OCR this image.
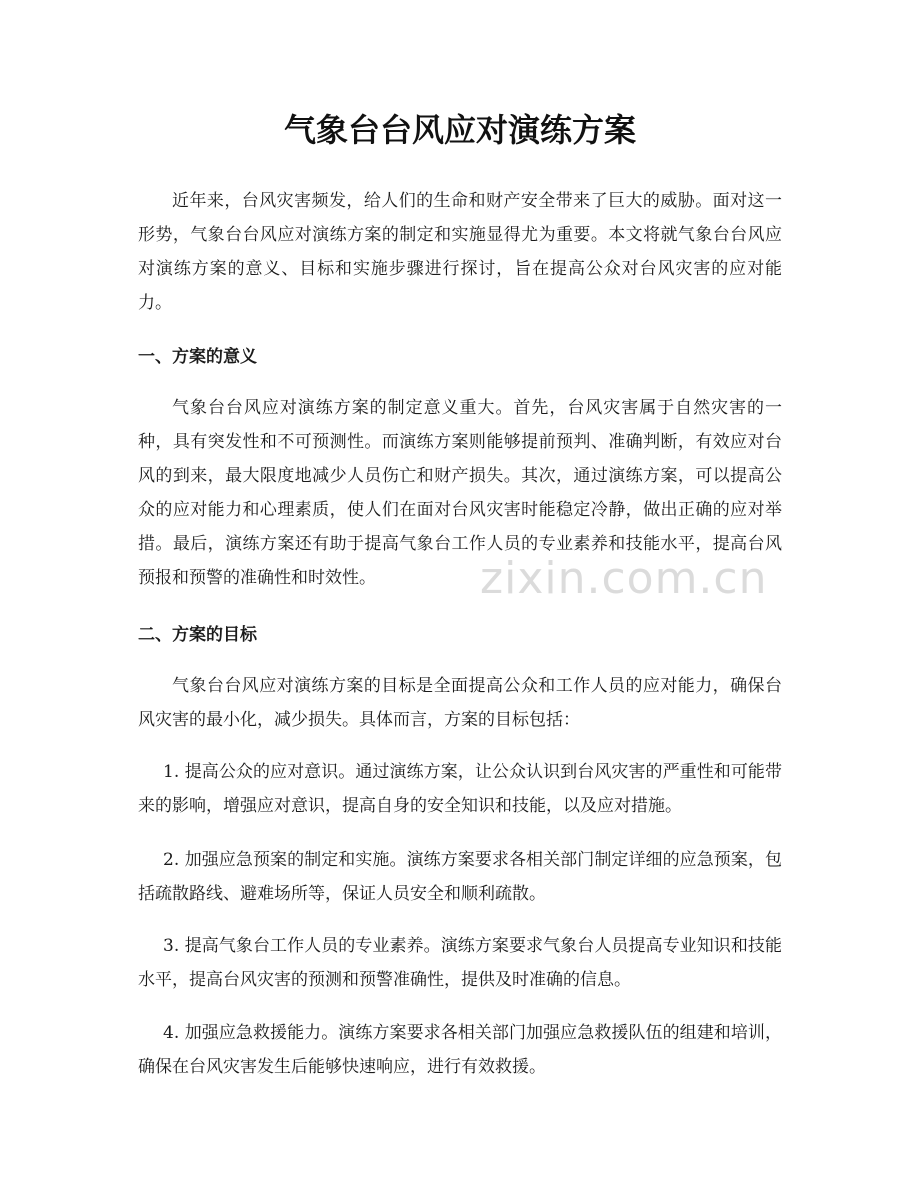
气象台台风应对演练方案
近年来，台风灾害频发，给人们的生命和财产安全带来了巨大的威胁。面对这一形势，气象台台风应对演练方案的制定和实施显得尤为重要。本文将就气象台台风应对演练方案的意义、目标和实施步骤进行探讨，旨在提高公众对台风灾害的应对能力。
一、方案的意义
气象台台风应对演练方案的制定意义重大。首先，台风灾害属于自然灾害的一种，具有突发性和不可预测性。而演练方案则能够提前预判、准确判断，有效应对台风的到来，最大限度地减少人员伤亡和财产损失。其次，通过演练方案，可以提高公众的应对能力和心理素质，使人们在面对台风灾害时能稳定冷静，做出正确的应对举措。最后，演练方案还有助于提高气象台工作人员的专业素养和技能水平，提高台风预报和预警的准确性和时效性。
二、方案的目标
气象台台风应对演练方案的目标是全面提高公众和工作人员的应对能力，确保台风灾害的最小化，减少损失。具体而言，方案的目标包括：
1. 提高公众的应对意识。通过演练方案，让公众认识到台风灾害的严重性和可能带来的影响，增强应对意识，提高自身的安全知识和技能，以及应对措施。
2. 加强应急预案的制定和实施。演练方案要求各相关部门制定详细的应急预案，包括疏散路线、避难场所等，保证人员安全和顺利疏散。
3. 提高气象台工作人员的专业素养。演练方案要求气象台人员提高专业知识和技能水平，提高台风灾害的预测和预警准确性，提供及时准确的信息。
4. 加强应急救援能力。演练方案要求各相关部门加强应急救援队伍的组建和培训，确保在台风灾害发生后能够快速响应，进行有效救援。
zixin.com.cn
